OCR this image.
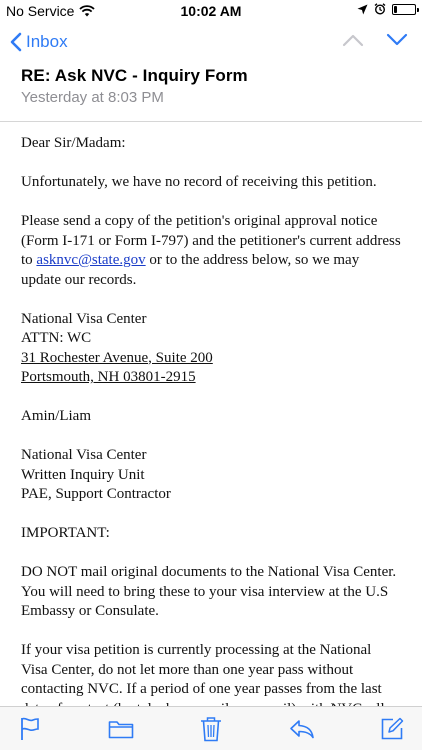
No Service	10:02 AM
Inbox
RE: Ask NVC - Inquiry Form
Yesterday at 8:03 PM

Dear Sir/Madam:

Unfortunately, we have no record of receiving this petition.

Please send a copy of the petition's original approval notice (Form I-171 or Form I-797) and the petitioner's current address to asknvc@state.gov or to the address below, so we may update our records.

National Visa Center
ATTN: WC
31 Rochester Avenue, Suite 200
Portsmouth, NH 03801-2915

Amin/Liam

National Visa Center
Written Inquiry Unit
PAE, Support Contractor

IMPORTANT:

DO NOT mail original documents to the National Visa Center. You will need to bring these to your visa interview at the U.S Embassy or Consulate.

If your visa petition is currently processing at the National Visa Center, do not let more than one year pass without contacting NVC. If a period of one year passes from the last
